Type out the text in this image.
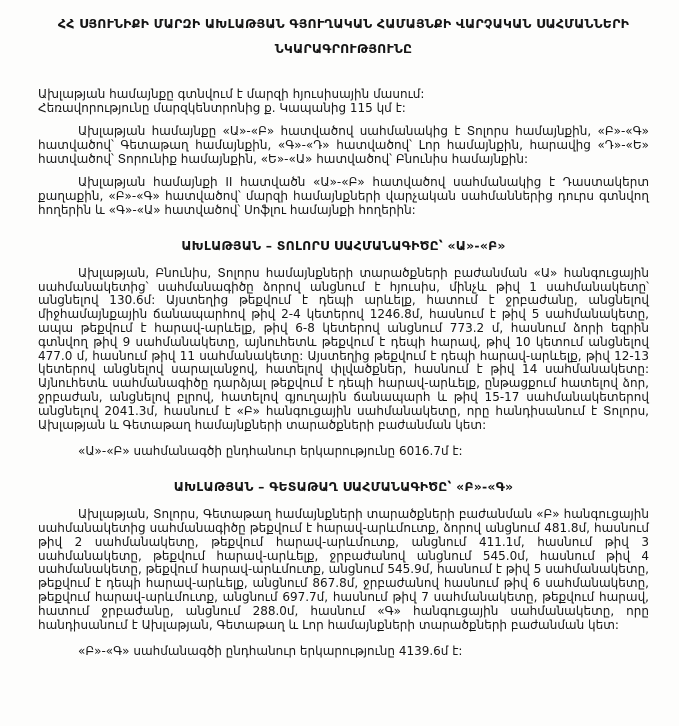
ՀՀ ՍՅՈՒՆԻՔԻ ՄԱՐԶԻ ԱԽԼԱԹՅԱՆ ԳՅՈՒՂԱԿԱՆ ՀԱՄԱՅՆՔԻ ՎԱՐՉԱԿԱՆ ՍԱՀՄԱՆՆԵՐԻ
ՆԿԱՐԱԳՐՈՒԹՅՈՒՆԸ

Ախլաթյան համայնքը գտնվում է մարզի հյուսիսային մասում:

Հեռավորությունը մարզկենտրոնից ք. Կապանից 115 կմ է:

Ախլաթյան համայնքը «Ա»-«Բ» հատվածով սահմանակից է Տոլորս համայնքին, «Բ»-«Գ» հատվածով՝ Գետաթաղ համայնքին, «Գ»-«Դ» հատվածով՝ Լոր համայնքին, հարավից «Դ»-«Ե» հատվածով՝ Տորունիք համայնքին, «Ե»-«Ա» հատվածով՝ Բնունիս համայնքին:

Ախլաթյան համայնքի II հատվածն «Ա»-«Բ» հատվածով սահմանակից է Դաստակերտ քաղաքին, «Բ»-«Գ» հատվածով՝ մարզի համայնքների վարչական սահմաններից դուրս գտնվող հողերին և «Գ»-«Ա» հատվածով՝ Սոֆլու համայնքի հողերին:

ԱԽԼԱԹՅԱՆ – ՏՈԼՈՐՍ ՍԱՀՄԱՆԱԳԻԾԸ՝ «Ա»-«Բ»

Ախլաթյան, Բնունիս, Տոլորս համայնքների տարածքների բաժանման «Ա» հանգուցային սահմանակետից՝ սահմանագիծը ձորով անցնում է հյուսիս, մինչև թիվ 1 սահմանակետը՝ անցնելով 130.6մ: Այստեղից թեքվում է դեպի արևելք, հատում է ջրբաժանը, անցնելով միջհամայնքային ճանապարհով թիվ 2-4 կետերով 1246.8մ, հասնում է թիվ 5 սահմանակետը, ապա թեքվում է հարավ-արևելք, թիվ 6-8 կետերով անցնում 773.2 մ, հասնում ձորի եզրին գտնվող թիվ 9 սահմանակետը, այնուհետև թեքվում է դեպի հարավ, թիվ 10 կետում անցնելով 477.0 մ, հասնում թիվ 11 սահմանակետը: Այստեղից թեքվում է դեպի հարավ-արևելք, թիվ 12-13 կետերով անցնելով սարալանջով, հատելով փլվածքներ, հասնում է թիվ 14 սահմանակետը: Այնուհետև սահմանագիծը դարձյալ թեքվում է դեպի հարավ-արևելք, ընթացքում հատելով ձոր, ջրբաժան, անցնելով բլրով, հատելով գյուղային ճանապարհ և թիվ 15-17 սահմանակետերով անցնելով 2041.3մ, հասնում է «Բ» հանգուցային սահմանակետը, որը հանդիսանում է Տոլորս, Ախլաթյան և Գետաթաղ համայնքների տարածքների բաժանման կետ:

«Ա»-«Բ» սահմանագծի ընդհանուր երկարությունը 6016.7մ է:

ԱԽԼԱԹՅԱՆ – ԳԵՏԱԹԱՂ ՍԱՀՄԱՆԱԳԻԾԸ՝ «Բ»-«Գ»

Ախլաթյան, Տոլորս, Գետաթաղ համայնքների տարածքների բաժանման «Բ» հանգուցային սահմանակետից սահմանագիծը թեքվում է հարավ-արևմուտք, ձորով անցնում 481.8մ, հասնում թիվ 2 սահմանակետը, թեքվում հարավ-արևմուտք, անցնում 411.1մ, հասնում թիվ 3 սահմանակետը, թեքվում հարավ-արևելք, ջրբաժանով անցնում 545.0մ, հասնում թիվ 4 սահմանակետը, թեքվում հարավ-արևմուտք, անցնում 545.9մ, հասնում է թիվ 5 սահմանակետը, թեքվում է դեպի հարավ-արևելք, անցնում 867.8մ, ջրբաժանով հասնում թիվ 6 սահմանակետը, թեքվում հարավ-արևմուտք, անցնում 697.7մ, հասնում թիվ 7 սահմանակետը, թեքվում հարավ, հատում ջրբաժանը, անցնում 288.0մ, հասնում «Գ» հանգուցային սահմանակետը, որը հանդիսանում է Ախլաթյան, Գետաթաղ և Լոր համայնքների տարածքների բաժանման կետ:

«Բ»-«Գ» սահմանագծի ընդհանուր երկարությունը 4139.6մ է:
